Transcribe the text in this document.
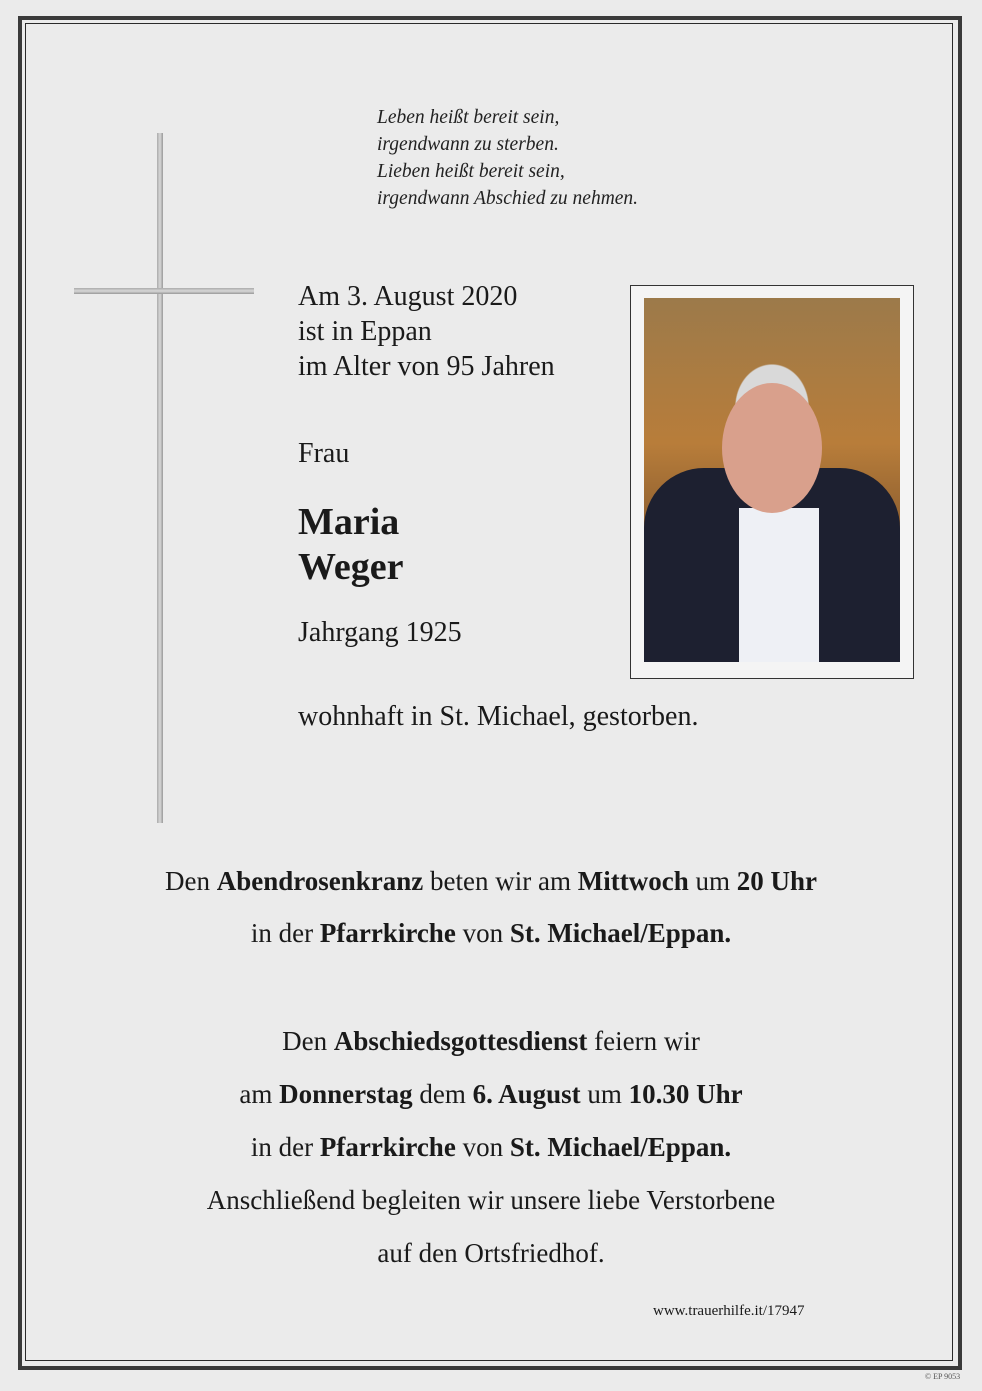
Leben heißt bereit sein,
irgendwann zu sterben.
Lieben heißt bereit sein,
irgendwann Abschied zu nehmen.
Am 3. August 2020
ist in Eppan
im Alter von 95 Jahren
Frau
Maria
Weger
Jahrgang 1925
wohnhaft in St. Michael, gestorben.
Den Abendrosenkranz beten wir am Mittwoch um 20 Uhr
in der Pfarrkirche von St. Michael/Eppan.
Den Abschiedsgottesdienst feiern wir
am Donnerstag dem 6. August um 10.30 Uhr
in der Pfarrkirche von St. Michael/Eppan.
Anschließend begleiten wir unsere liebe Verstorbene
auf den Ortsfriedhof.
www.trauerhilfe.it/17947
© EP 9053
